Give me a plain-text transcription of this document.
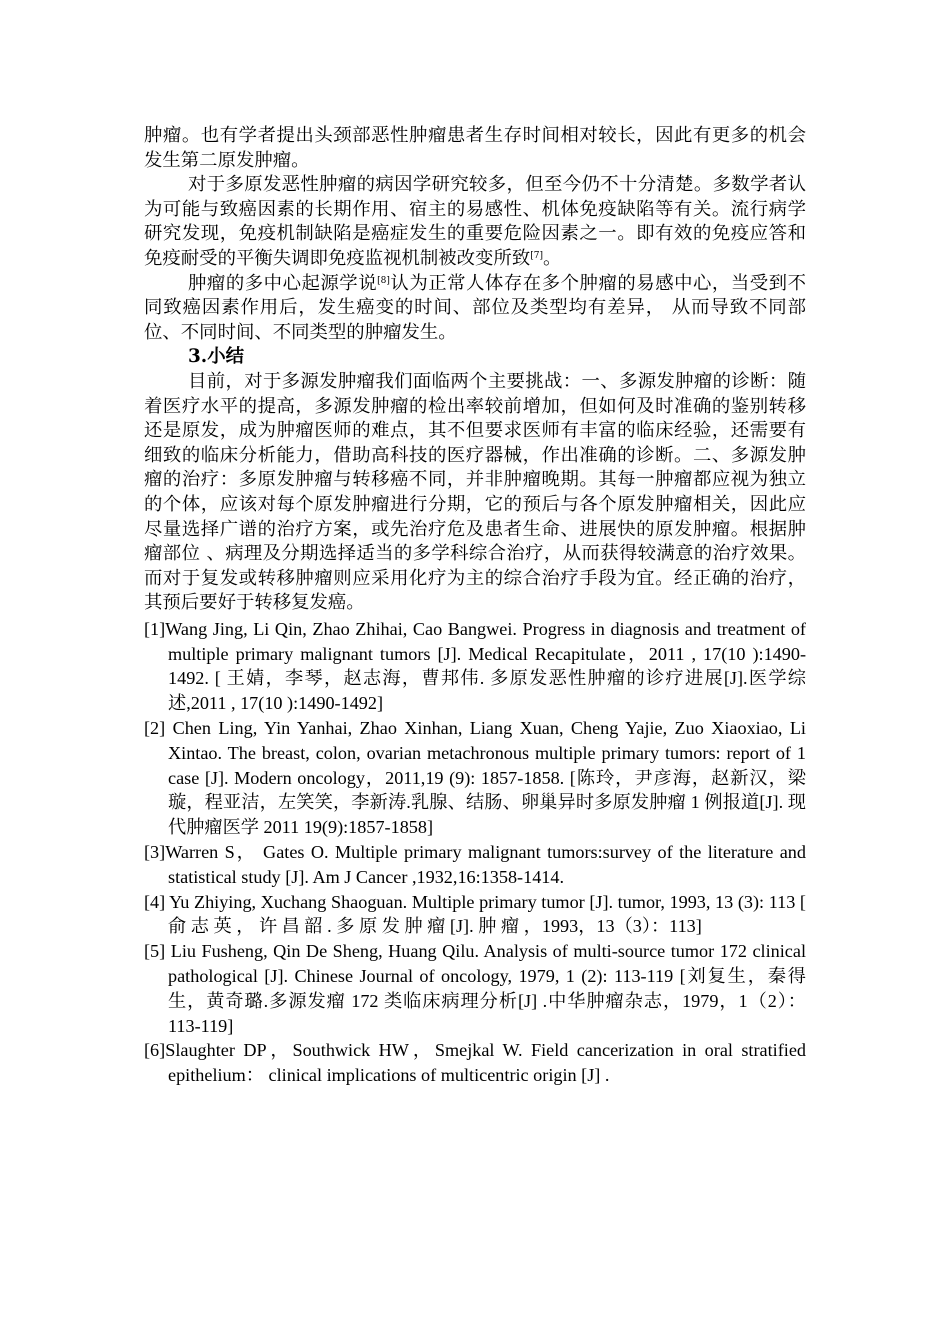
肿瘤。也有学者提出头颈部恶性肿瘤患者生存时间相对较长，因此有更多的机会发生第二原发肿瘤。

对于多原发恶性肿瘤的病因学研究较多，但至今仍不十分清楚。多数学者认为可能与致癌因素的长期作用、宿主的易感性、机体免疫缺陷等有关。流行病学研究发现，免疫机制缺陷是癌症发生的重要危险因素之一。即有效的免疫应答和免疫耐受的平衡失调即免疫监视机制被改变所致[7]。

肿瘤的多中心起源学说[8]认为正常人体存在多个肿瘤的易感中心，当受到不同致癌因素作用后，发生癌变的时间、部位及类型均有差异， 从而导致不同部位、不同时间、不同类型的肿瘤发生。

3.小结

目前，对于多源发肿瘤我们面临两个主要挑战：一、多源发肿瘤的诊断：随着医疗水平的提高，多源发肿瘤的检出率较前增加，但如何及时准确的鉴别转移还是原发，成为肿瘤医师的难点，其不但要求医师有丰富的临床经验，还需要有细致的临床分析能力，借助高科技的医疗器械，作出准确的诊断。二、多源发肿瘤的治疗：多原发肿瘤与转移癌不同，并非肿瘤晚期。其每一肿瘤都应视为独立的个体，应该对每个原发肿瘤进行分期，它的预后与各个原发肿瘤相关，因此应尽量选择广谱的治疗方案，或先治疗危及患者生命、进展快的原发肿瘤。根据肿瘤部位 、病理及分期选择适当的多学科综合治疗，从而获得较满意的治疗效果。而对于复发或转移肿瘤则应采用化疗为主的综合治疗手段为宜。经正确的治疗，其预后要好于转移复发癌。

[1]Wang Jing, Li Qin, Zhao Zhihai, Cao Bangwei. Progress in diagnosis and treatment of multiple primary malignant tumors [J]. Medical Recapitulate，2011 , 17(10 ):1490-1492. [ 王婧，李琴，赵志海，曹邦伟. 多原发恶性肿瘤的诊疗进展[J].医学综述,2011 , 17(10 ):1490-1492]

[2] Chen Ling, Yin Yanhai, Zhao Xinhan, Liang Xuan, Cheng Yajie, Zuo Xiaoxiao, Li Xintao. The breast, colon, ovarian metachronous multiple primary tumors: report of 1 case [J]. Modern oncology，2011,19 (9): 1857-1858. [陈玲，尹彦海，赵新汉，梁璇，程亚洁，左笑笑，李新涛.乳腺、结肠、卵巢异时多原发肿瘤 1 例报道[J]. 现代肿瘤医学 2011 19(9):1857-1858]

[3]Warren S， Gates O. Multiple primary malignant tumors:survey of the literature and statistical study [J]. Am J Cancer ,1932,16:1358-1414.

[4] Yu Zhiying, Xuchang Shaoguan. Multiple primary tumor [J]. tumor, 1993, 13 (3): 113 [ 俞 志 英 ， 许 昌 韶 . 多 原 发 肿 瘤 [J]. 肿 瘤 ，1993，13（3）：113]

[5] Liu Fusheng, Qin De Sheng, Huang Qilu. Analysis of multi-source tumor 172 clinical pathological [J]. Chinese Journal of oncology, 1979, 1 (2): 113-119 [刘复生，秦得生，黄奇璐.多源发瘤 172 类临床病理分析[J] .中华肿瘤杂志，1979，1（2）：113-119]

[6]Slaughter DP，Southwick HW，Smejkal W. Field cancerization in oral stratified epithelium： clinical implications of multicentric origin [J] .
